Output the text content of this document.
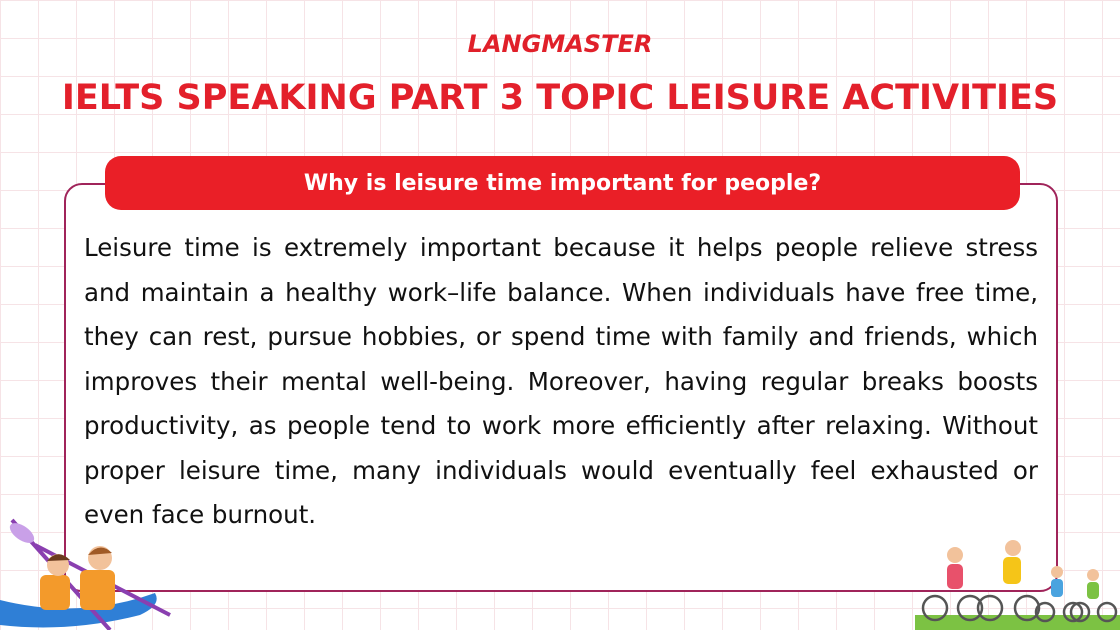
LANGMASTER
IELTS SPEAKING PART 3 TOPIC LEISURE ACTIVITIES
Why is leisure time important for people?
Leisure time is extremely important because it helps people relieve stress and maintain a healthy work–life balance. When individuals have free time, they can rest, pursue hobbies, or spend time with family and friends, which improves their mental well-being. Moreover, having regular breaks boosts productivity, as people tend to work more efficiently after relaxing. Without proper leisure time, many individuals would eventually feel exhausted or even face burnout.
